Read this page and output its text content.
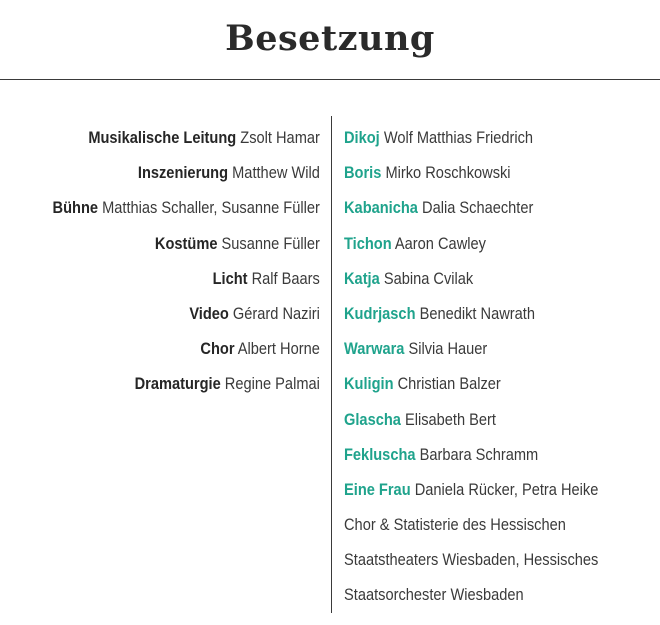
Besetzung
Musikalische Leitung Zsolt Hamar
Inszenierung Matthew Wild
Bühne Matthias Schaller, Susanne Füller
Kostüme Susanne Füller
Licht Ralf Baars
Video Gérard Naziri
Chor Albert Horne
Dramaturgie Regine Palmai
Dikoj Wolf Matthias Friedrich
Boris Mirko Roschkowski
Kabanicha Dalia Schaechter
Tichon Aaron Cawley
Katja Sabina Cvilak
Kudrjasch Benedikt Nawrath
Warwara Silvia Hauer
Kuligin Christian Balzer
Glascha Elisabeth Bert
Fekluscha Barbara Schramm
Eine Frau Daniela Rücker, Petra Heike
Chor & Statisterie des Hessischen
Staatstheaters Wiesbaden, Hessisches
Staatsorchester Wiesbaden
